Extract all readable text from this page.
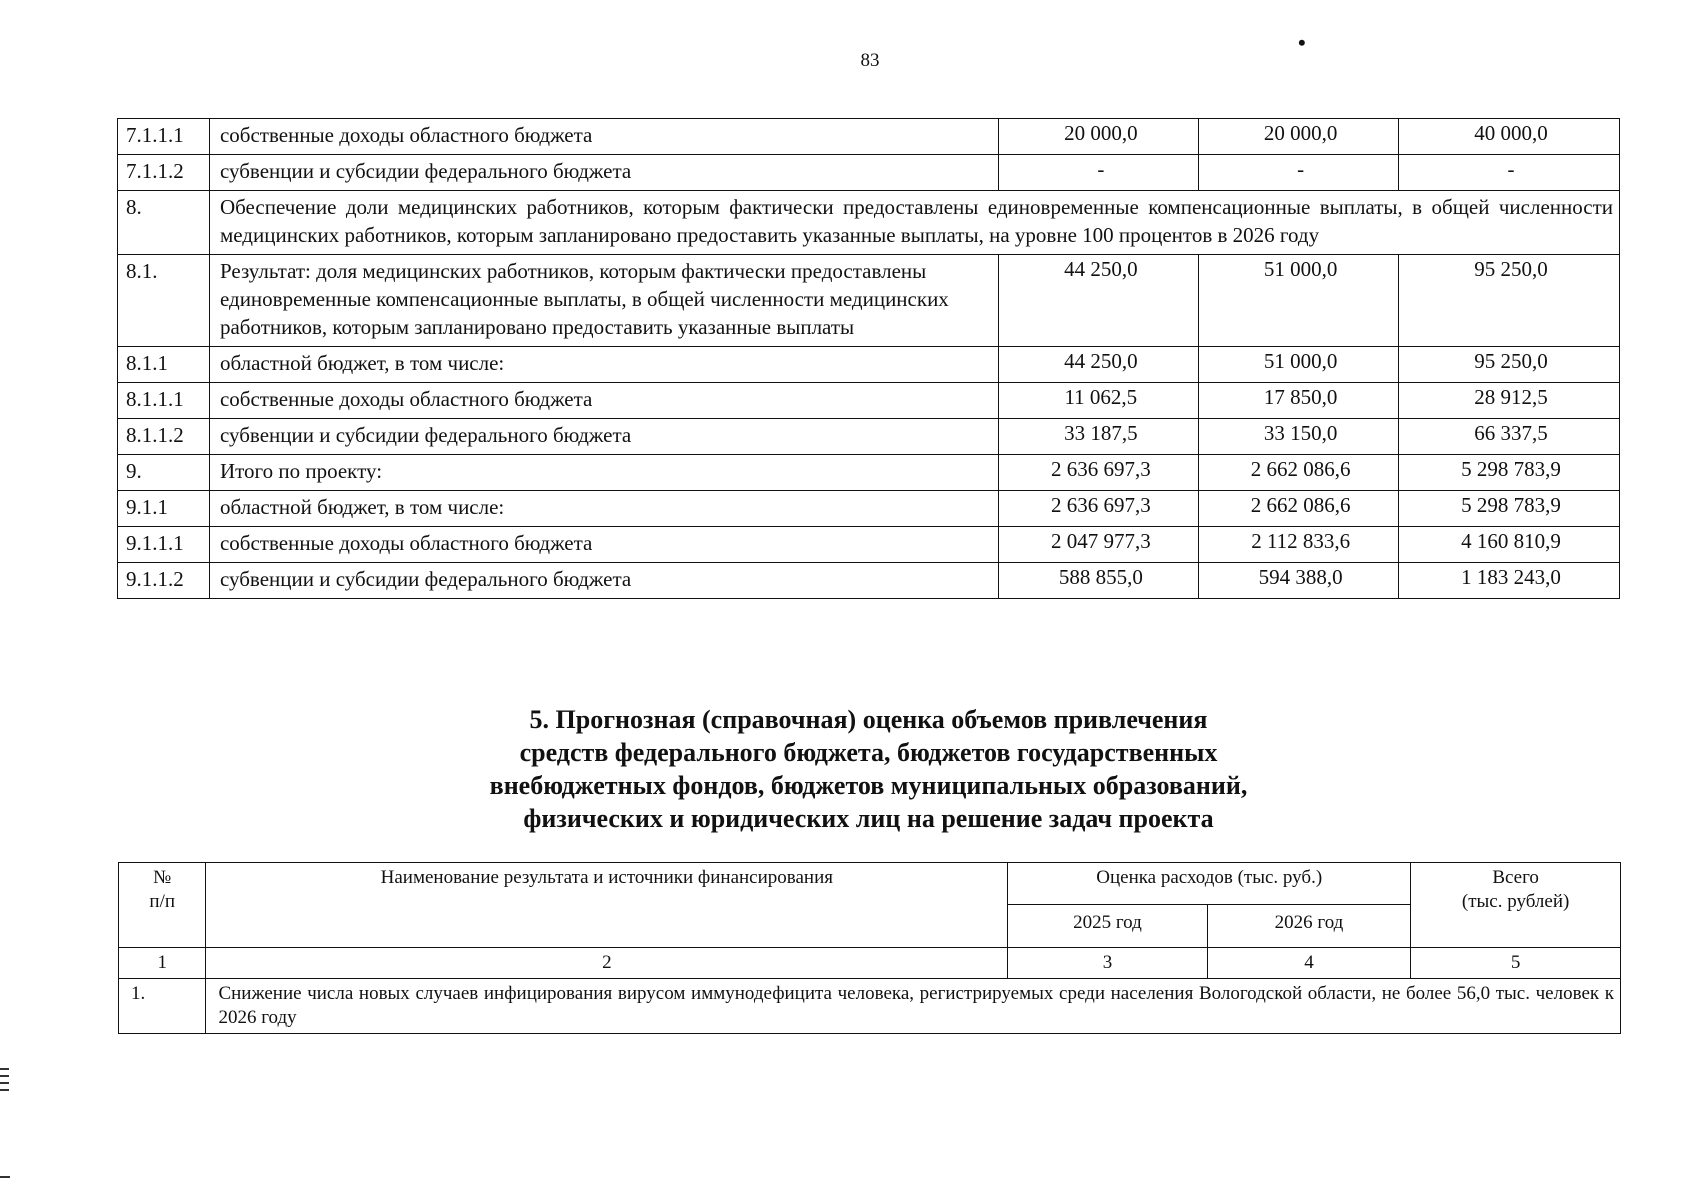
83
•
7.1.1.1	собственные доходы областного бюджета	20 000,0	20 000,0	40 000,0
7.1.1.2	субвенции и субсидии федерального бюджета	-	-	-
8.	Обеспечение доли медицинских работников, которым фактически предоставлены единовременные компенсационные выплаты, в общей численности медицинских работников, которым запланировано предоставить указанные выплаты, на уровне 100 процентов в 2026 году			
8.1.	Результат: доля медицинских работников, которым фактически предоставлены единовременные компенсационные выплаты, в общей численности медицинских работников, которым запланировано предоставить указанные выплаты	44 250,0	51 000,0	95 250,0
8.1.1	областной бюджет, в том числе:	44 250,0	51 000,0	95 250,0
8.1.1.1	собственные доходы областного бюджета	11 062,5	17 850,0	28 912,5
8.1.1.2	субвенции и субсидии федерального бюджета	33 187,5	33 150,0	66 337,5
9.	Итого по проекту:	2 636 697,3	2 662 086,6	5 298 783,9
9.1.1	областной бюджет, в том числе:	2 636 697,3	2 662 086,6	5 298 783,9
9.1.1.1	собственные доходы областного бюджета	2 047 977,3	2 112 833,6	4 160 810,9
9.1.1.2	субвенции и субсидии федерального бюджета	588 855,0	594 388,0	1 183 243,0
5. Прогнозная (справочная) оценка объемов привлечения
средств федерального бюджета, бюджетов государственных
внебюджетных фондов, бюджетов муниципальных образований,
физических и юридических лиц на решение задач проекта
№
п/п	Наименование результата и источники финансирования	Оценка расходов (тыс. руб.)		Всего
(тыс. рублей)
		2025 год	2026 год	
1	2	3	4	5
1.	Снижение числа новых случаев инфицирования вирусом иммунодефицита человека, регистрируемых среди населения Вологодской области, не более 56,0 тыс. человек к 2026 году			
